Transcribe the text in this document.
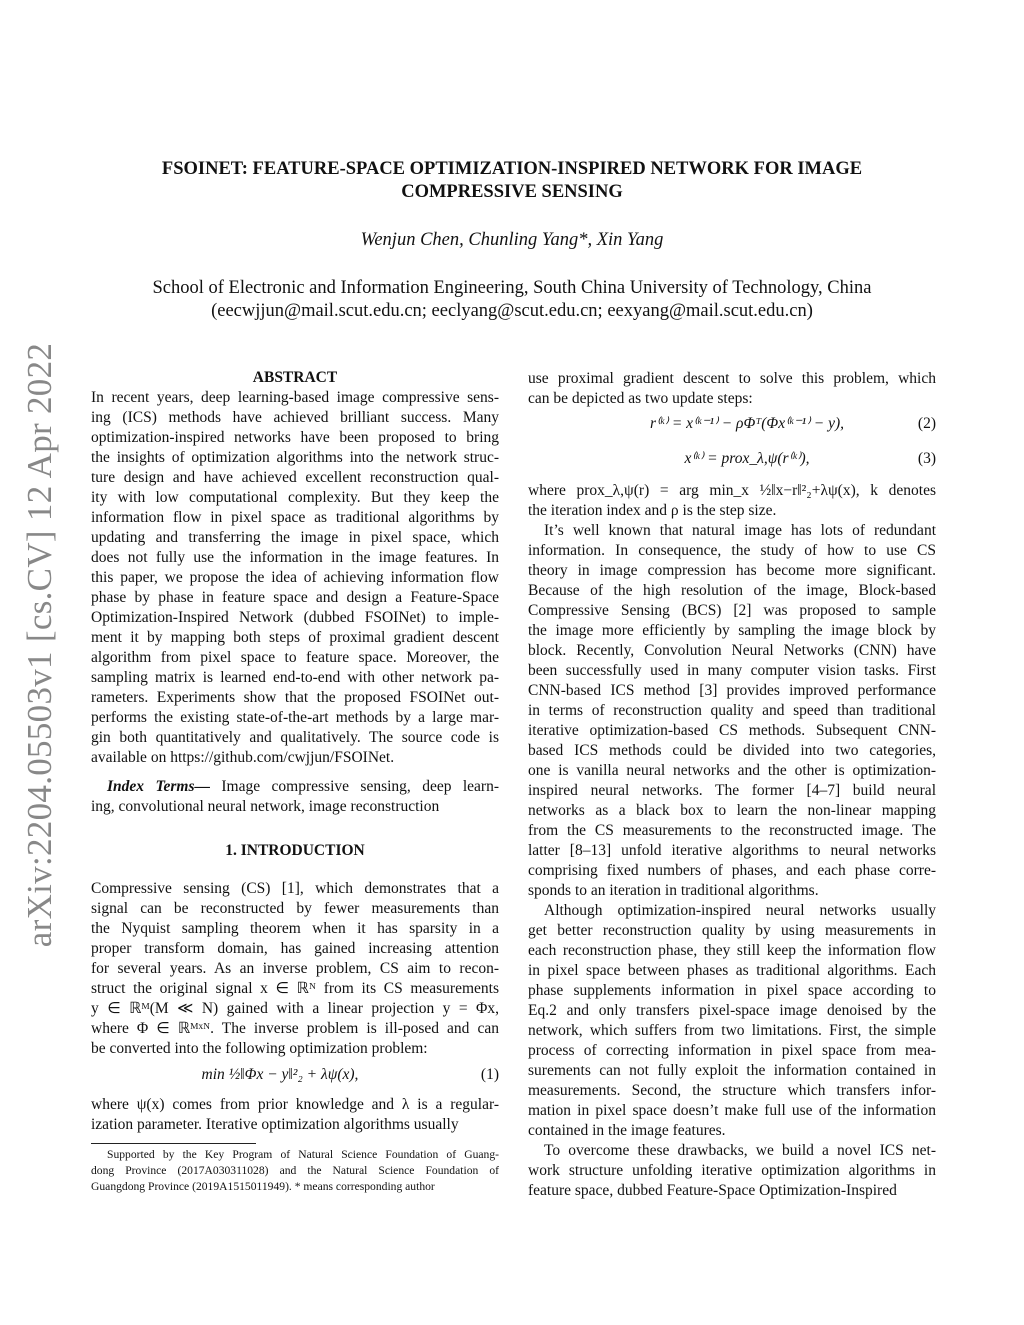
FSOINET: FEATURE-SPACE OPTIMIZATION-INSPIRED NETWORK FOR IMAGE
COMPRESSIVE SENSING
Wenjun Chen, Chunling Yang*, Xin Yang
School of Electronic and Information Engineering, South China University of Technology, China
(eecwjjun@mail.scut.edu.cn; eeclyang@scut.edu.cn; eexyang@mail.scut.edu.cn)
arXiv:2204.05503v1 [cs.CV] 12 Apr 2022	ABSTRACT
In recent years, deep learning-based image compressive sens-
ing (ICS) methods have achieved brilliant success. Many
optimization-inspired networks have been proposed to bring
the insights of optimization algorithms into the network struc-
ture design and have achieved excellent reconstruction qual-
ity with low computational complexity. But they keep the
information flow in pixel space as traditional algorithms by
updating and transferring the image in pixel space, which
does not fully use the information in the image features. In
this paper, we propose the idea of achieving information flow
phase by phase in feature space and design a Feature-Space
Optimization-Inspired Network (dubbed FSOINet) to imple-
ment it by mapping both steps of proximal gradient descent
algorithm from pixel space to feature space. Moreover, the
sampling matrix is learned end-to-end with other network pa-
rameters. Experiments show that the proposed FSOINet out-
performs the existing state-of-the-art methods by a large mar-
gin both quantitatively and qualitatively. The source code is
available on https://github.com/cwjjun/FSOINet.
Index Terms— Image compressive sensing, deep learn-
ing, convolutional neural network, image reconstruction
1. INTRODUCTION
Compressive sensing (CS) [1], which demonstrates that a
signal can be reconstructed by fewer measurements than
the Nyquist sampling theorem when it has sparsity in a
proper transform domain, has gained increasing attention
for several years. As an inverse problem, CS aim to recon-
struct the original signal x ∈ ℝᴺ from its CS measurements
y ∈ ℝᴹ(M ≪ N) gained with a linear projection y = Φx,
where Φ ∈ ℝᴹˣᴺ. The inverse problem is ill-posed and can
be converted into the following optimization problem:
min ½‖Φx − y‖²₂ + λψ(x),	(1)
where ψ(x) comes from prior knowledge and λ is a regular-
ization parameter. Iterative optimization algorithms usually
Supported by the Key Program of Natural Science Foundation of Guang-
dong Province (2017A030311028) and the Natural Science Foundation of
Guangdong Province (2019A1515011949). * means corresponding author
use proximal gradient descent to solve this problem, which
can be depicted as two update steps:
r⁽ᵏ⁾ = x⁽ᵏ⁻¹⁾ − ρΦᵀ(Φx⁽ᵏ⁻¹⁾ − y),	(2)
x⁽ᵏ⁾ = prox_λ,ψ(r⁽ᵏ⁾),	(3)
where prox_λ,ψ(r) = arg min_x ½‖x−r‖²₂+λψ(x), k denotes
the iteration index and ρ is the step size.
It’s well known that natural image has lots of redundant
information. In consequence, the study of how to use CS
theory in image compression has become more significant.
Because of the high resolution of the image, Block-based
Compressive Sensing (BCS) [2] was proposed to sample
the image more efficiently by sampling the image block by
block. Recently, Convolution Neural Networks (CNN) have
been successfully used in many computer vision tasks. First
CNN-based ICS method [3] provides improved performance
in terms of reconstruction quality and speed than traditional
iterative optimization-based CS methods. Subsequent CNN-
based ICS methods could be divided into two categories,
one is vanilla neural networks and the other is optimization-
inspired neural networks. The former [4–7] build neural
networks as a black box to learn the non-linear mapping
from the CS measurements to the reconstructed image. The
latter [8–13] unfold iterative algorithms to neural networks
comprising fixed numbers of phases, and each phase corre-
sponds to an iteration in traditional algorithms.
Although optimization-inspired neural networks usually
get better reconstruction quality by using measurements in
each reconstruction phase, they still keep the information flow
in pixel space between phases as traditional algorithms. Each
phase supplements information in pixel space according to
Eq.2 and only transfers pixel-space image denoised by the
network, which suffers from two limitations. First, the simple
process of correcting information in pixel space from mea-
surements can not fully exploit the information contained in
measurements. Second, the structure which transfers infor-
mation in pixel space doesn’t make full use of the information
contained in the image features.
To overcome these drawbacks, we build a novel ICS net-
work structure unfolding iterative optimization algorithms in
feature space, dubbed Feature-Space Optimization-Inspired
